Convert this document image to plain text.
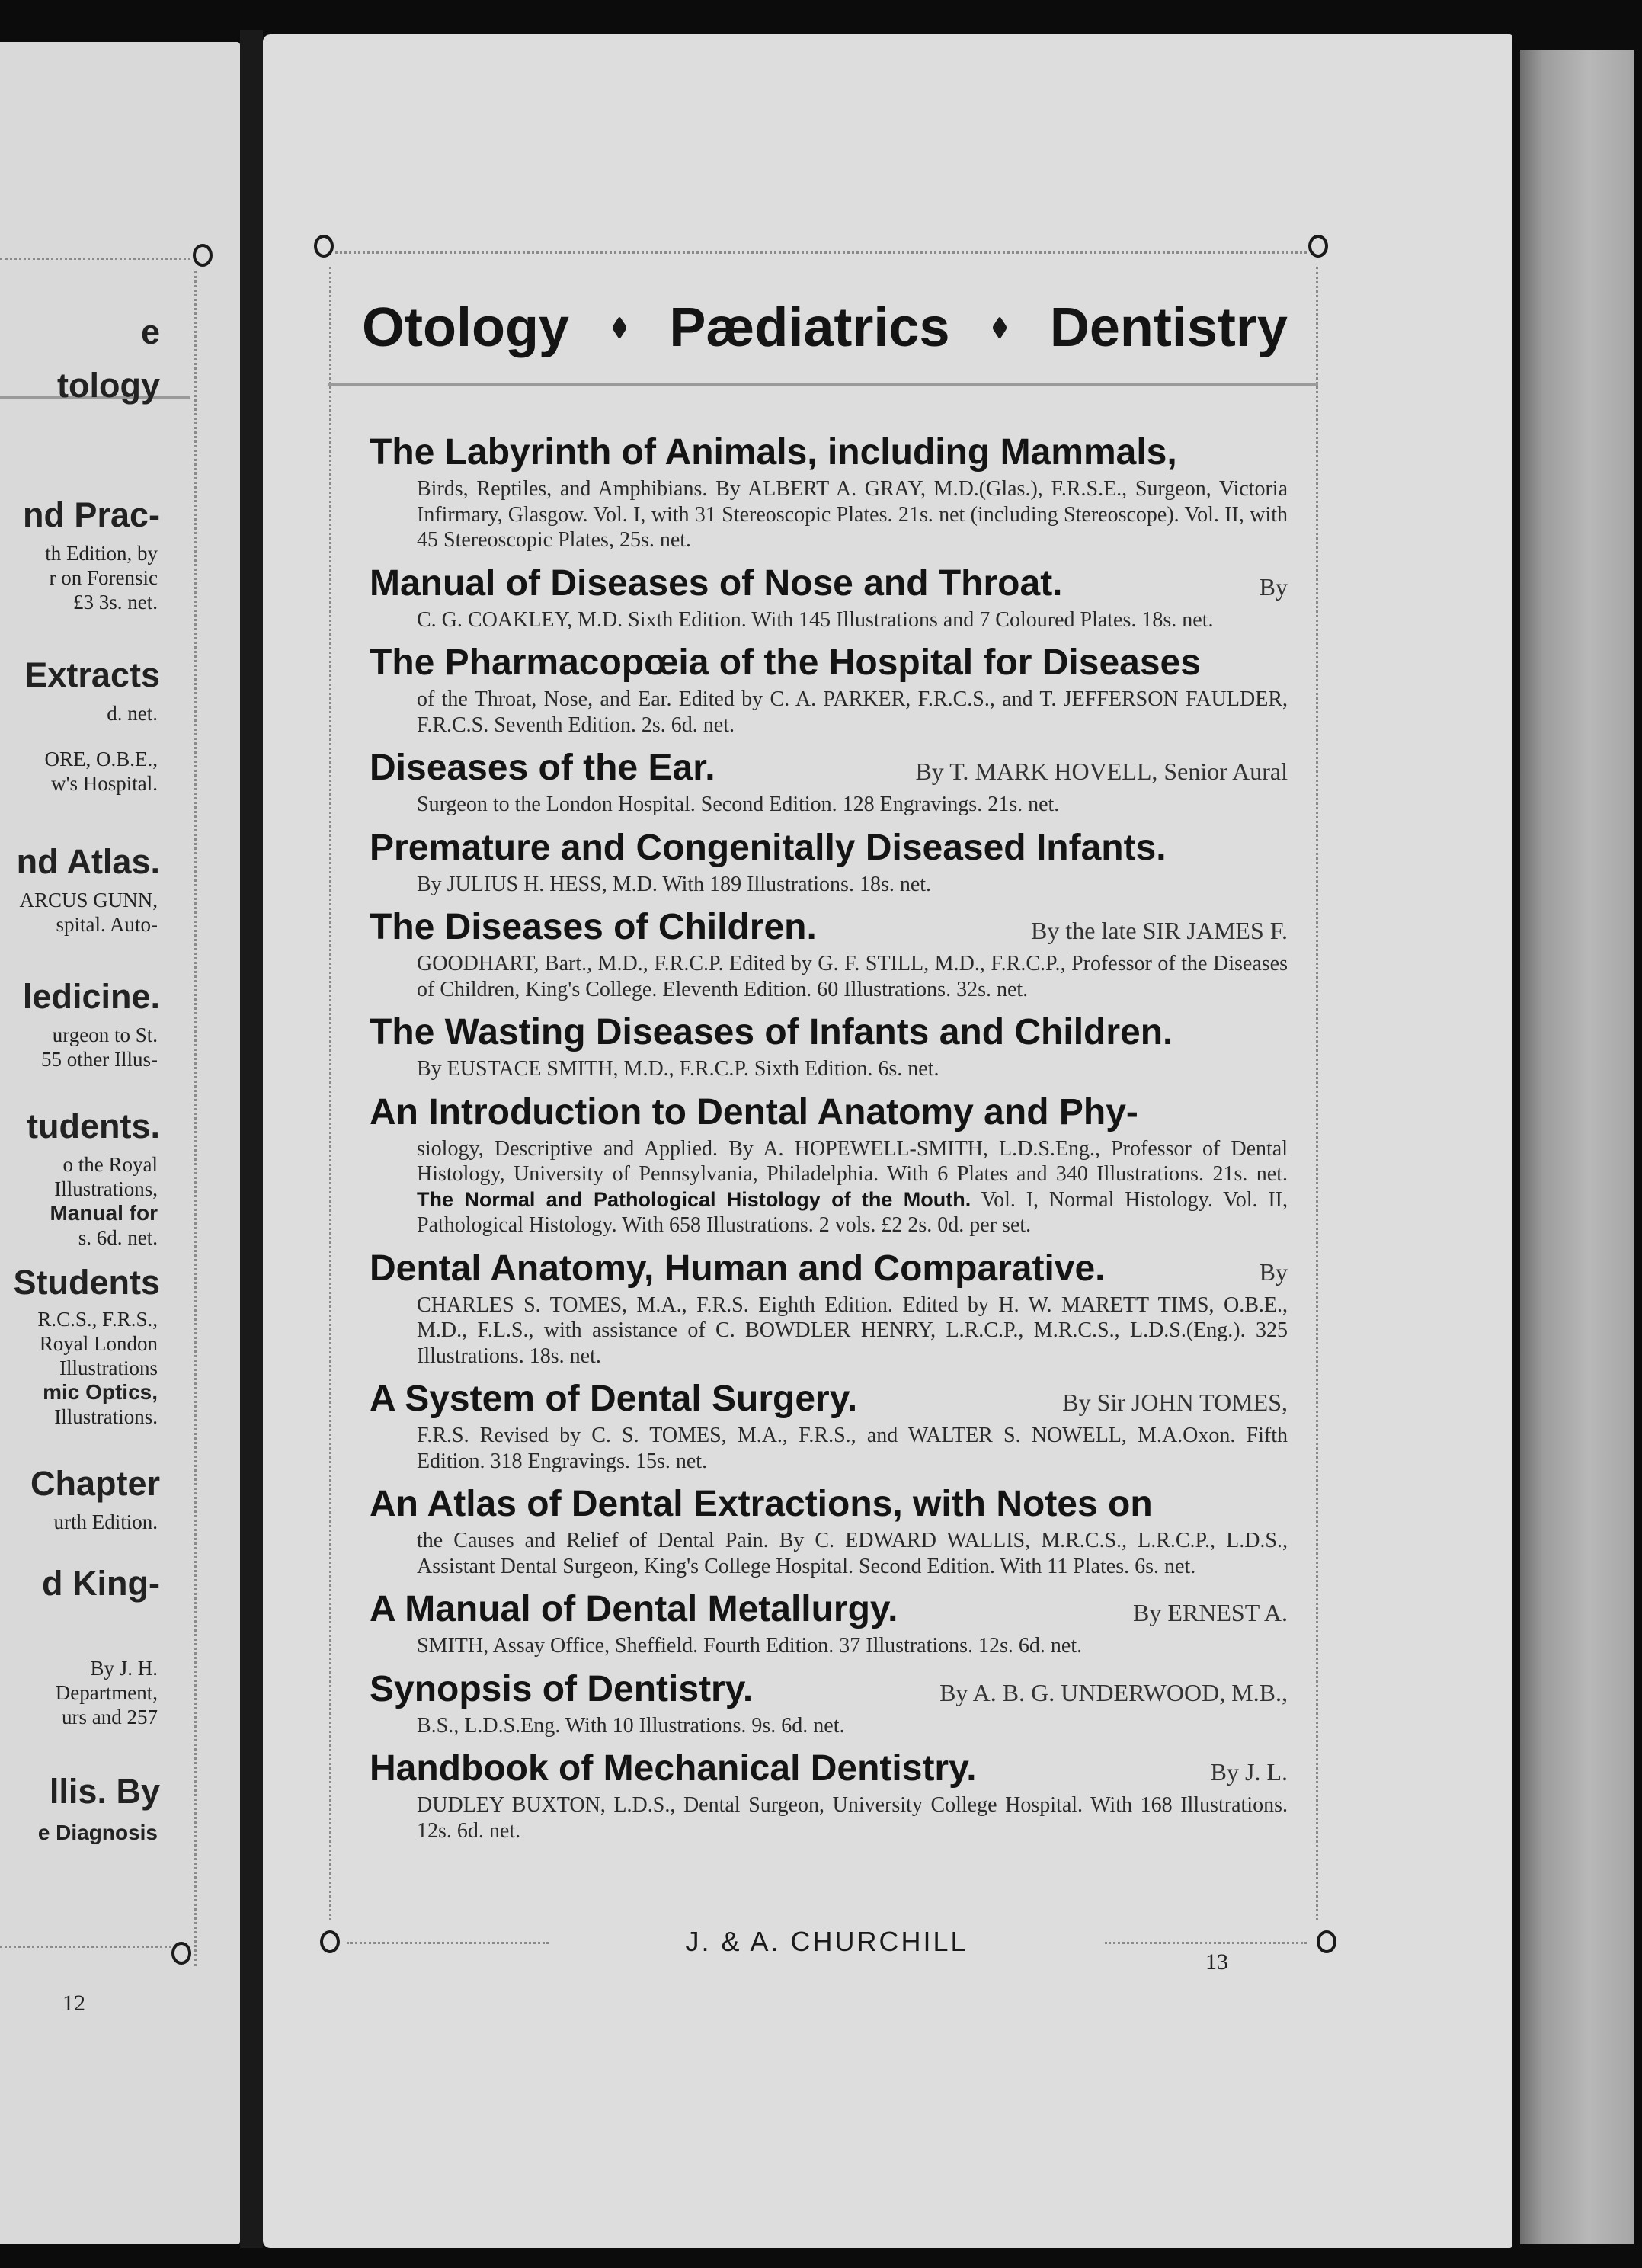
e
tology
nd Prac-
th Edition, by
r on Forensic
£3 3s. net.
Extracts
d. net.
ORE, O.B.E.,
w's Hospital.
nd Atlas.
ARCUS GUNN,
spital. Auto-
ledicine.
urgeon to St.
55 other Illus-
tudents.
o the Royal
Illustrations,
Manual for
s. 6d. net.
Students
R.C.S., F.R.S.,
Royal London
Illustrations
mic Optics,
Illustrations.
Chapter
urth Edition.
d King-
By J. H.
Department,
urs and 257
llis. By
e Diagnosis
12
Otology Pædiatrics Dentistry
The Labyrinth of Animals, including Mammals,
Birds, Reptiles, and Amphibians. By ALBERT A. GRAY, M.D.(Glas.), F.R.S.E., Surgeon, Victoria Infirmary, Glasgow. Vol. I, with 31 Stereoscopic Plates. 21s. net (including Stereoscope). Vol. II, with 45 Stereoscopic Plates, 25s. net.
Manual of Diseases of Nose and Throat.	By
C. G. COAKLEY, M.D. Sixth Edition. With 145 Illustrations and 7 Coloured Plates. 18s. net.
The Pharmacopœia of the Hospital for Diseases
of the Throat, Nose, and Ear. Edited by C. A. PARKER, F.R.C.S., and T. JEFFERSON FAULDER, F.R.C.S. Seventh Edition. 2s. 6d. net.
Diseases of the Ear.	By T. MARK HOVELL, Senior Aural
Surgeon to the London Hospital. Second Edition. 128 Engravings. 21s. net.
Premature and Congenitally Diseased Infants.
By JULIUS H. HESS, M.D. With 189 Illustrations. 18s. net.
The Diseases of Children.	By the late SIR JAMES F.
GOODHART, Bart., M.D., F.R.C.P. Edited by G. F. STILL, M.D., F.R.C.P., Professor of the Diseases of Children, King's College. Eleventh Edition. 60 Illustrations. 32s. net.
The Wasting Diseases of Infants and Children.
By EUSTACE SMITH, M.D., F.R.C.P. Sixth Edition. 6s. net.
An Introduction to Dental Anatomy and Phy-
siology, Descriptive and Applied. By A. HOPEWELL-SMITH, L.D.S.Eng., Professor of Dental Histology, University of Pennsylvania, Philadelphia. With 6 Plates and 340 Illustrations. 21s. net. The Normal and Pathological Histology of the Mouth. Vol. I, Normal Histology. Vol. II, Pathological Histology. With 658 Illustrations. 2 vols. £2 2s. 0d. per set.
Dental Anatomy, Human and Comparative.	By
CHARLES S. TOMES, M.A., F.R.S. Eighth Edition. Edited by H. W. MARETT TIMS, O.B.E., M.D., F.L.S., with assistance of C. BOWDLER HENRY, L.R.C.P., M.R.C.S., L.D.S.(Eng.). 325 Illustrations. 18s. net.
A System of Dental Surgery.	By Sir JOHN TOMES,
F.R.S. Revised by C. S. TOMES, M.A., F.R.S., and WALTER S. NOWELL, M.A.Oxon. Fifth Edition. 318 Engravings. 15s. net.
An Atlas of Dental Extractions, with Notes on
the Causes and Relief of Dental Pain. By C. EDWARD WALLIS, M.R.C.S., L.R.C.P., L.D.S., Assistant Dental Surgeon, King's College Hospital. Second Edition. With 11 Plates. 6s. net.
A Manual of Dental Metallurgy.	By ERNEST A.
SMITH, Assay Office, Sheffield. Fourth Edition. 37 Illustrations. 12s. 6d. net.
Synopsis of Dentistry.	By A. B. G. UNDERWOOD, M.B.,
B.S., L.D.S.Eng. With 10 Illustrations. 9s. 6d. net.
Handbook of Mechanical Dentistry.	By J. L.
DUDLEY BUXTON, L.D.S., Dental Surgeon, University College Hospital. With 168 Illustrations. 12s. 6d. net.
J. & A. CHURCHILL
13
